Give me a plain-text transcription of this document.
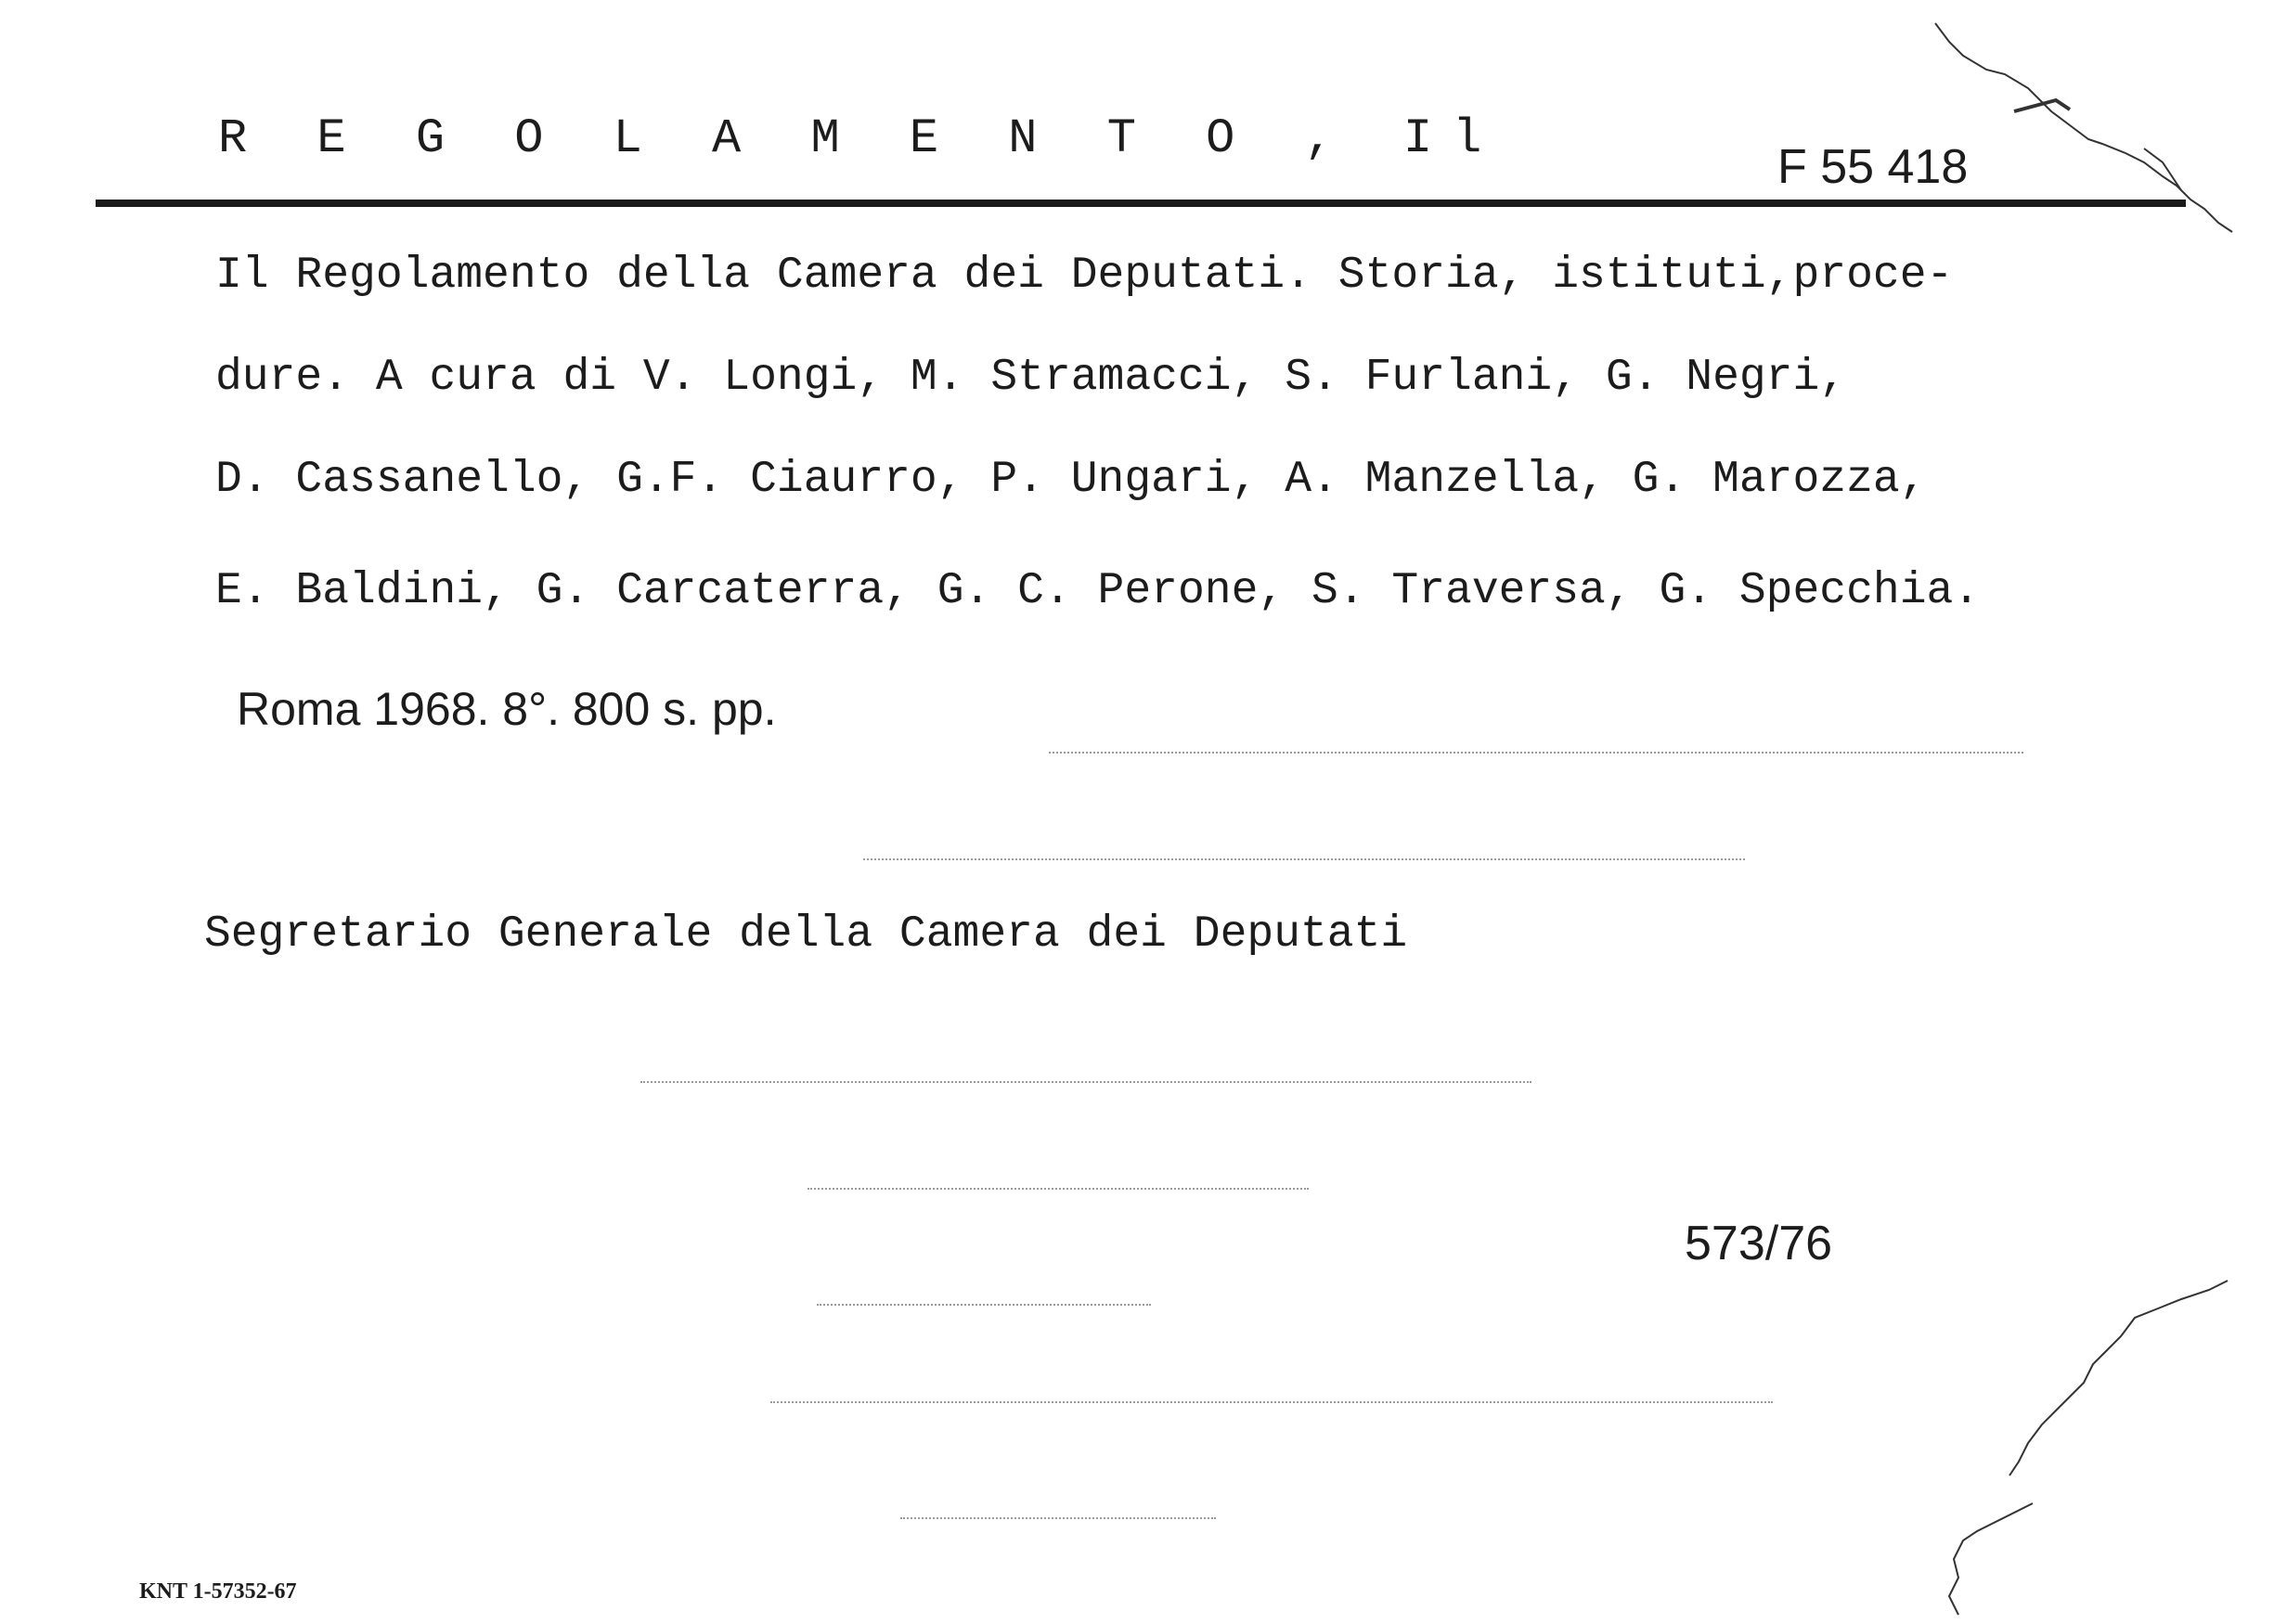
R E G O L A M E N T O , Il
F 55 418
Il Regolamento della Camera dei Deputati. Storia, istituti,proce-
dure. A cura di V. Longi, M. Stramacci, S. Furlani, G. Negri,
D. Cassanello, G.F. Ciaurro, P. Ungari, A. Manzella, G. Marozza,
E. Baldini, G. Carcaterra, G. C. Perone, S. Traversa, G. Specchia.
Roma 1968. 8°. 800 s. pp.
Segretario Generale della Camera dei Deputati
573/76
KNT 1-57352-67
